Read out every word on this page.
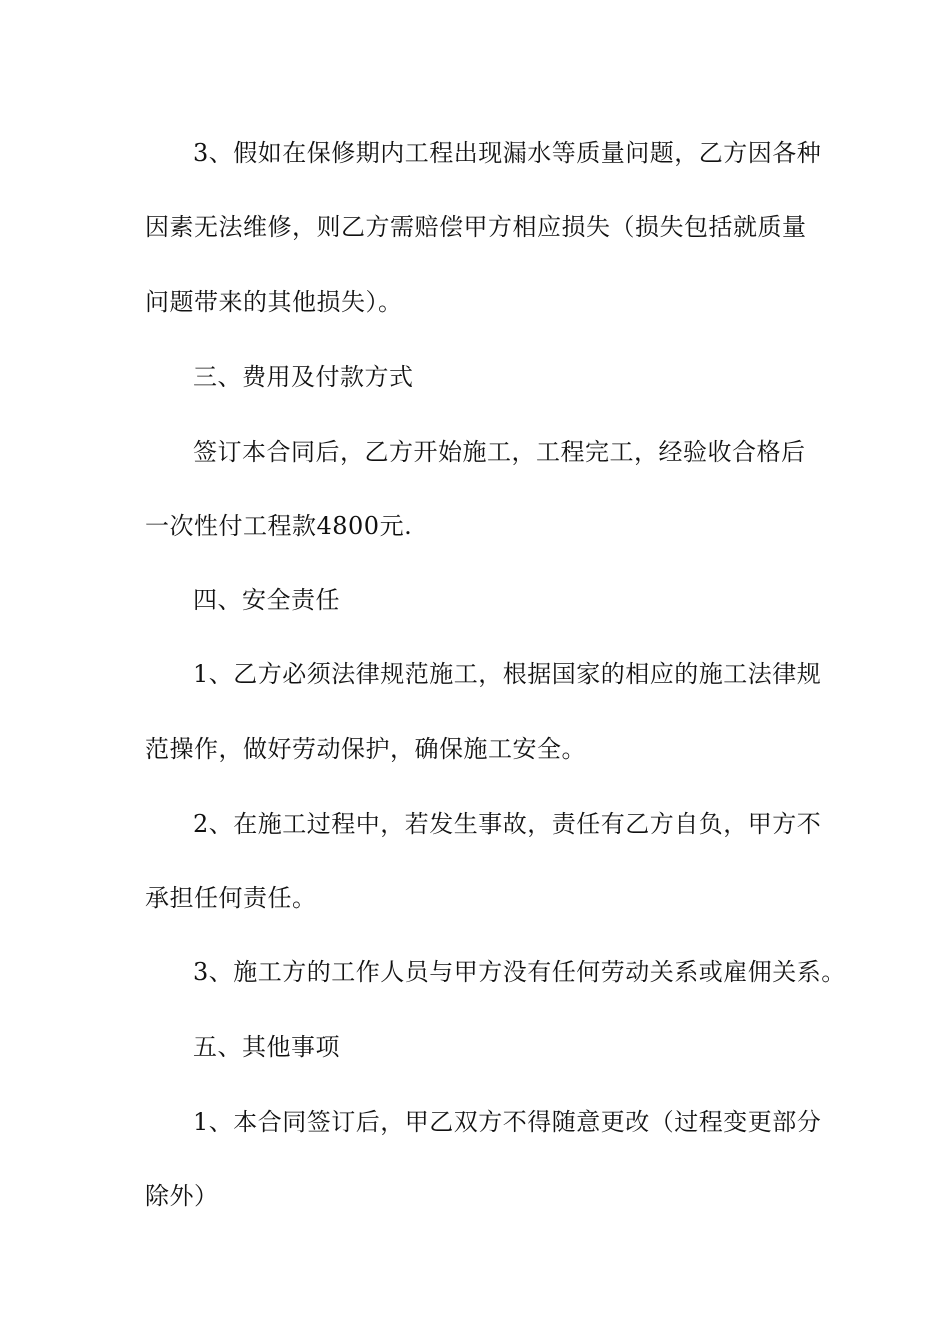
3、假如在保修期内工程出现漏水等质量问题，乙方因各种
因素无法维修，则乙方需赔偿甲方相应损失（损失包括就质量
问题带来的其他损失）。
三、费用及付款方式
签订本合同后，乙方开始施工，工程完工，经验收合格后
一次性付工程款4800元.
四、安全责任
1、乙方必须法律规范施工，根据国家的相应的施工法律规
范操作，做好劳动保护，确保施工安全。
2、在施工过程中，若发生事故，责任有乙方自负，甲方不
承担任何责任。
3、施工方的工作人员与甲方没有任何劳动关系或雇佣关系。
五、其他事项
1、本合同签订后，甲乙双方不得随意更改（过程变更部分
除外）
